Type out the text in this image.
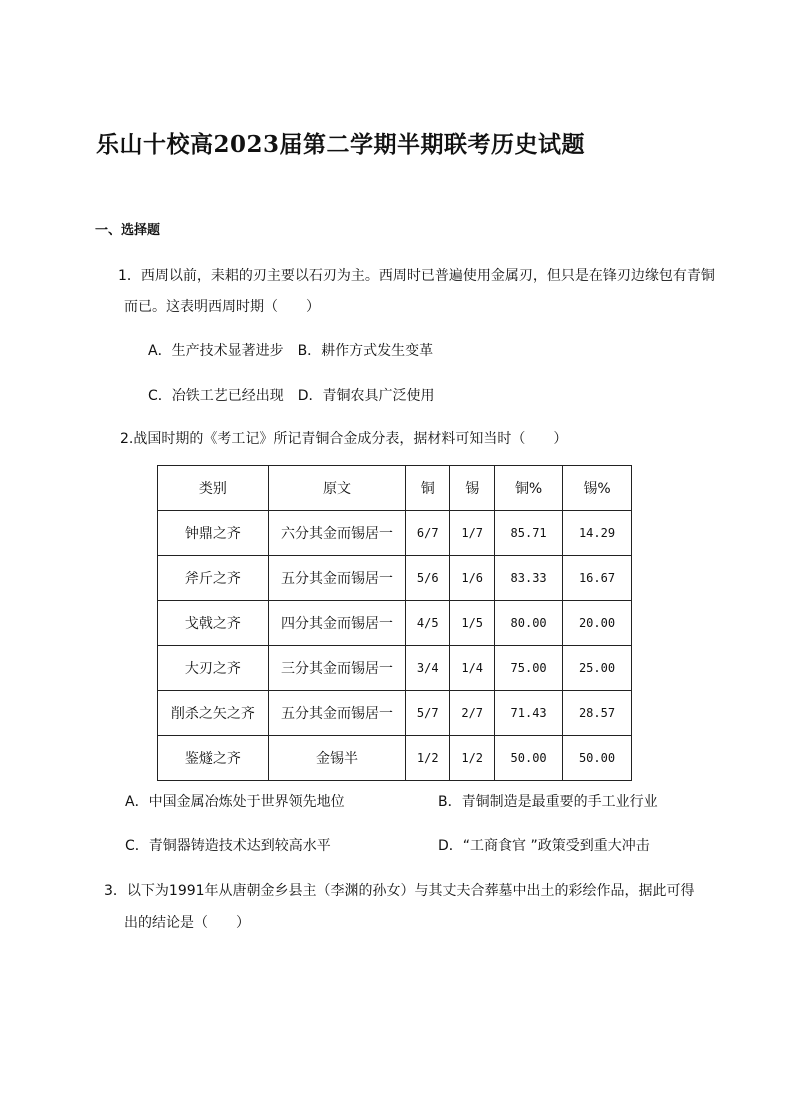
乐山十校高2023届第二学期半期联考历史试题
一、选择题
1．西周以前，耒耜的刃主要以石刃为主。西周时已普遍使用金属刃，但只是在锋刃边缘包有青铜
而已。这表明西周时期（　　）
A．生产技术显著进步　B．耕作方式发生变革
C．冶铁工艺已经出现　D．青铜农具广泛使用
2.战国时期的《考工记》所记青铜合金成分表，据材料可知当时（　　）
类别	原文	铜	锡	铜%	锡%
钟鼎之齐	六分其金而锡居一	6/7	1/7	85.71	14.29
斧斤之齐	五分其金而锡居一	5/6	1/6	83.33	16.67
戈戟之齐	四分其金而锡居一	4/5	1/5	80.00	20.00
大刃之齐	三分其金而锡居一	3/4	1/4	75.00	25.00
削杀之矢之齐	五分其金而锡居一	5/7	2/7	71.43	28.57
鉴燧之齐	金锡半	1/2	1/2	50.00	50.00
A．中国金属冶炼处于世界领先地位	B．青铜制造是最重要的手工业行业
C．青铜器铸造技术达到较高水平	D．“工商食官 ”政策受到重大冲击
3．以下为1991年从唐朝金乡县主（李渊的孙女）与其丈夫合葬墓中出土的彩绘作品，据此可得
出的结论是（　　）
